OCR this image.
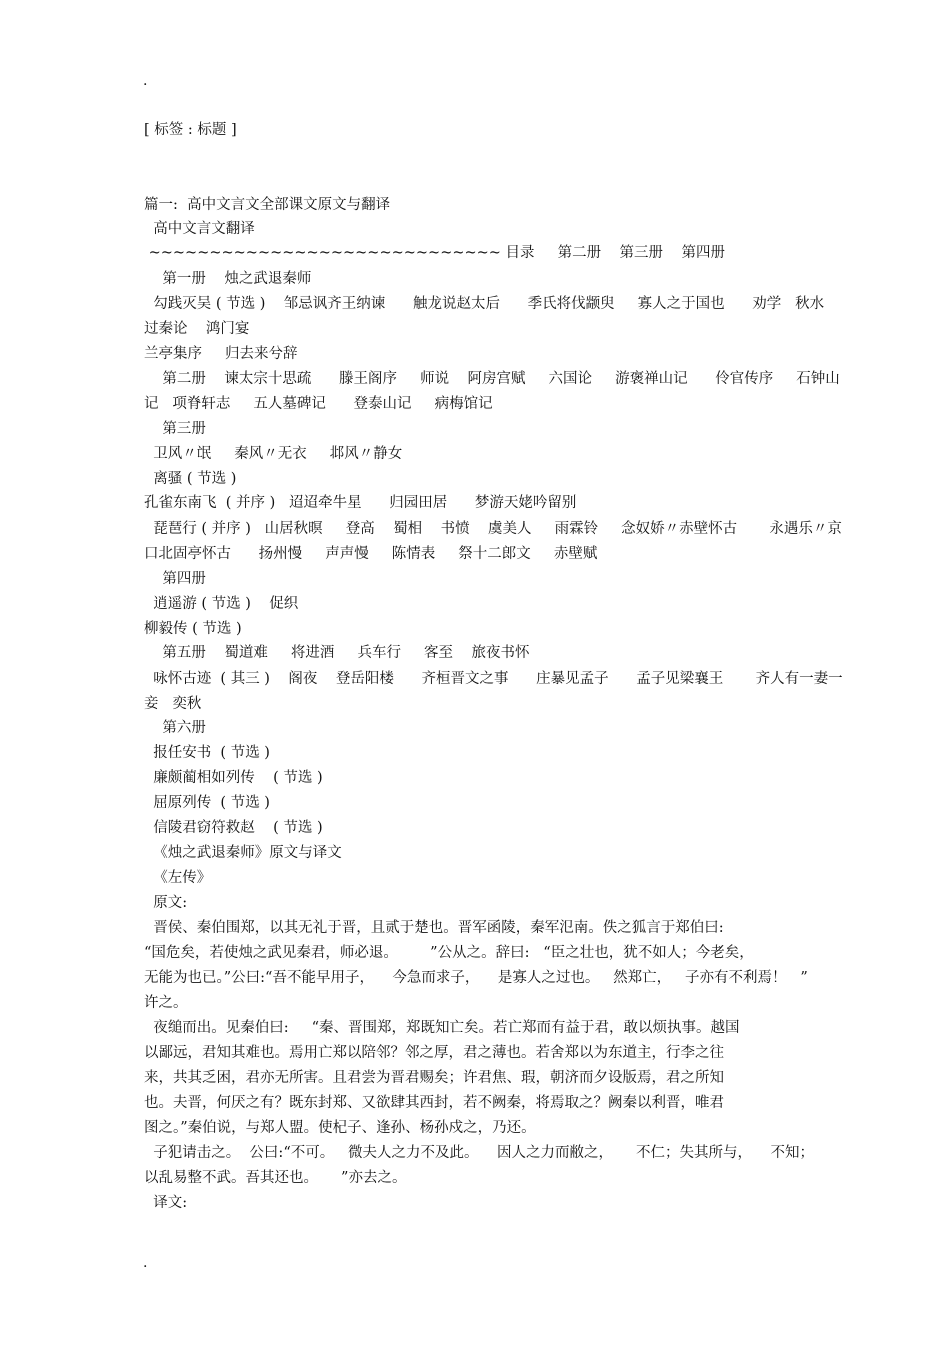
.
[ 标签 : 标题 ]
篇一:  高中文言文全部课文原文与翻译
高中文言文翻译
~~~~~~~~~~~~~~~~~~~~~~~~~~~~~ 目录     第二册    第三册    第四册
第一册    烛之武退秦师
勾践灭吴 ( 节选 )    邹忌讽齐王纳谏      触龙说赵太后      季氏将伐颛臾     寡人之于国也      劝学   秋水
过秦论    鸿门宴
兰亭集序     归去来兮辞
第二册    谏太宗十思疏      滕王阁序     师说    阿房宫赋     六国论     游褒禅山记      伶官传序     石钟山
记   项脊轩志     五人墓碑记      登泰山记     病梅馆记
第三册
卫风〃氓     秦风〃无衣     邶风〃静女
离骚 ( 节选 )
孔雀东南飞  ( 并序 )   迢迢牵牛星      归园田居      梦游天姥吟留别
琵琶行 ( 并序 )   山居秋暝     登高    蜀相    书愤    虞美人     雨霖铃     念奴娇〃赤壁怀古       永遇乐〃京
口北固亭怀古      扬州慢     声声慢     陈情表     祭十二郎文     赤壁赋
第四册
逍遥游 ( 节选 )    促织
柳毅传 ( 节选 )
第五册    蜀道难     将进酒     兵车行     客至    旅夜书怀
咏怀古迹  ( 其三 )    阁夜    登岳阳楼      齐桓晋文之事      庄暴见孟子      孟子见梁襄王       齐人有一妻一
妾   奕秋
第六册
报任安书  ( 节选 )
廉颇蔺相如列传    ( 节选 )
屈原列传  ( 节选 )
信陵君窃符救赵    ( 节选 )
《烛之武退秦师》原文与译文
《左传》
原文:
晋侯、秦伯围郑，以其无礼于晋，且贰于楚也。晋军函陵，秦军氾南。佚之狐言于郑伯曰:
“国危矣，若使烛之武见秦君，师必退。       ”公从之。辞曰:   “臣之壮也，犹不如人；今老矣，
无能为也已。”公曰:“吾不能早用子，    今急而求子，    是寡人之过也。   然郑亡，   子亦有不利焉！   ”
许之。
夜缒而出。见秦伯曰:     “秦、晋围郑，郑既知亡矣。若亡郑而有益于君，敢以烦执事。越国
以鄙远，君知其难也。焉用亡郑以陪邻？邻之厚，君之薄也。若舍郑以为东道主，行李之往
来，共其乏困，君亦无所害。且君尝为晋君赐矣；许君焦、瑕，朝济而夕设版焉，君之所知
也。夫晋，何厌之有？既东封郑、又欲肆其西封，若不阙秦，将焉取之？阙秦以利晋，唯君
图之。”秦伯说，与郑人盟。使杞子、逢孙、杨孙戍之，乃还。
子犯请击之。  公曰:“不可。   微夫人之力不及此。    因人之力而敝之，     不仁；失其所与，    不知；
以乱易整不武。吾其还也。     ”亦去之。
译文:
.
